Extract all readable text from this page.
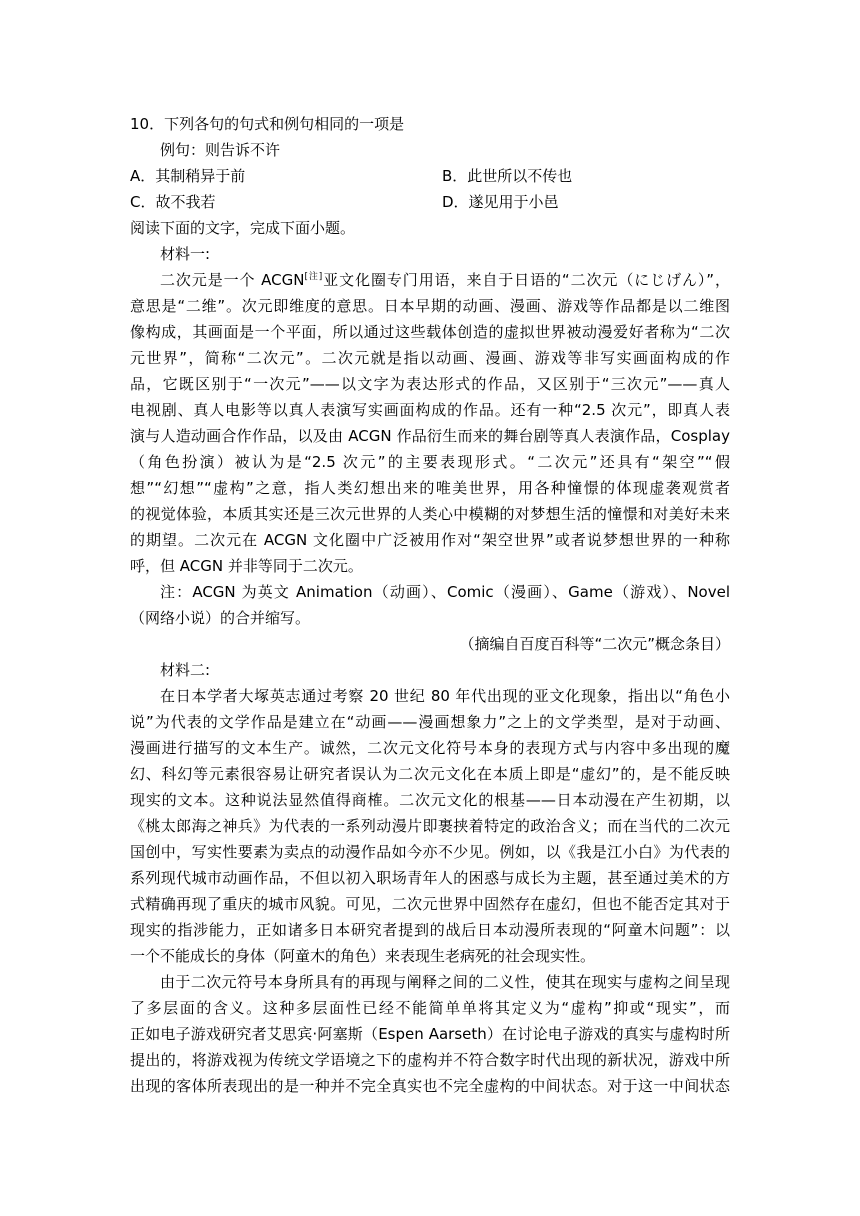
10．下列各句的句式和例句相同的一项是
例句：则告诉不许
A．其制稍异于前	B．此世所以不传也
C．故不我若	D．遂见用于小邑
阅读下面的文字，完成下面小题。
材料一:
二次元是一个 ACGN[注]亚文化圈专门用语，来自于日语的“二次元（にじげん）”，
意思是“二维”。次元即维度的意思。日本早期的动画、漫画、游戏等作品都是以二维图
像构成，其画面是一个平面，所以通过这些载体创造的虚拟世界被动漫爱好者称为“二次
元世界”，简称“二次元”。二次元就是指以动画、漫画、游戏等非写实画面构成的作
品，它既区别于“一次元”——以文字为表达形式的作品，又区别于“三次元”——真人
电视剧、真人电影等以真人表演写实画面构成的作品。还有一种“2.5 次元”，即真人表
演与人造动画合作作品，以及由 ACGN 作品衍生而来的舞台剧等真人表演作品，Cosplay
（角色扮演）被认为是“2.5 次元”的主要表现形式。“二次元”还具有“架空”“假
想”“幻想”“虚构”之意，指人类幻想出来的唯美世界，用各种憧憬的体现虚袭观赏者
的视觉体验，本质其实还是三次元世界的人类心中模糊的对梦想生活的憧憬和对美好未来
的期望。二次元在 ACGN 文化圈中广泛被用作对“架空世界”或者说梦想世界的一种称
呼，但 ACGN 并非等同于二次元。
注：ACGN 为英文 Animation（动画）、Comic（漫画）、Game（游戏）、Novel
（网络小说）的合并缩写。
（摘编自百度百科等“二次元”概念条目）
材料二:
在日本学者大塚英志通过考察 20 世纪 80 年代出现的亚文化现象，指出以“角色小
说”为代表的文学作品是建立在“动画——漫画想象力”之上的文学类型，是对于动画、
漫画进行描写的文本生产。诚然，二次元文化符号本身的表现方式与内容中多出现的魔
幻、科幻等元素很容易让研究者误认为二次元文化在本质上即是“虚幻”的，是不能反映
现实的文本。这种说法显然值得商榷。二次元文化的根基——日本动漫在产生初期，以
《桃太郎海之神兵》为代表的一系列动漫片即裹挟着特定的政治含义；而在当代的二次元
国创中，写实性要素为卖点的动漫作品如今亦不少见。例如，以《我是江小白》为代表的
系列现代城市动画作品，不但以初入职场青年人的困惑与成长为主题，甚至通过美术的方
式精确再现了重庆的城市风貌。可见，二次元世界中固然存在虚幻，但也不能否定其对于
现实的指涉能力，正如诸多日本研究者提到的战后日本动漫所表现的“阿童木问题”：以
一个不能成长的身体（阿童木的角色）来表现生老病死的社会现实性。
由于二次元符号本身所具有的再现与阐释之间的二义性，使其在现实与虚构之间呈现
了多层面的含义。这种多层面性已经不能简单单将其定义为“虚构”抑或“现实”，而
正如电子游戏研究者艾思宾·阿塞斯（Espen Aarseth）在讨论电子游戏的真实与虚构时所
提出的，将游戏视为传统文学语境之下的虚构并不符合数字时代出现的新状况，游戏中所
出现的客体所表现出的是一种并不完全真实也不完全虚构的中间状态。对于这一中间状态
